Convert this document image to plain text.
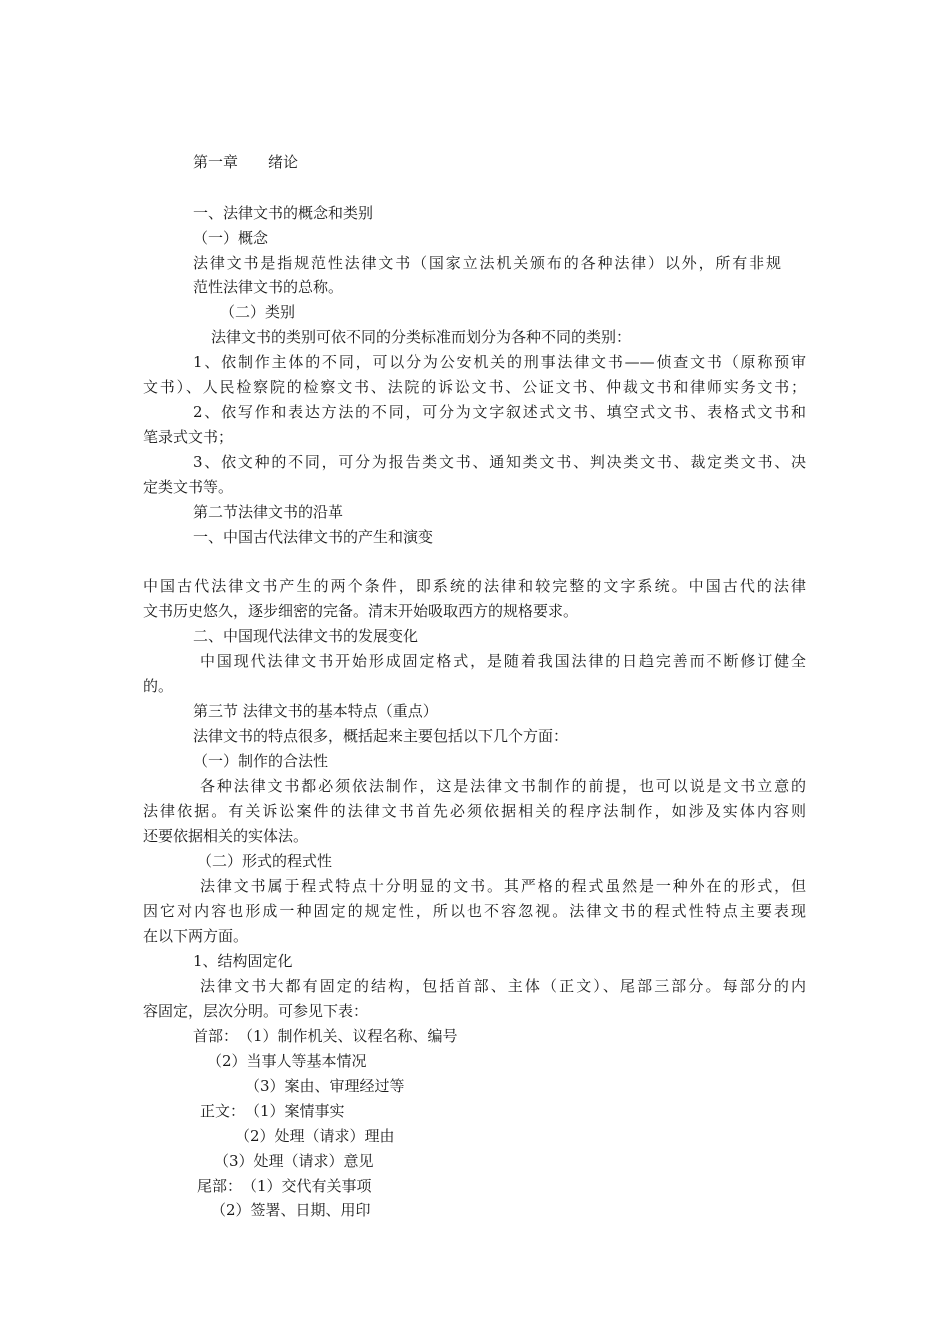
第一章　　绪论

一、法律文书的概念和类别

（一）概念

法律文书是指规范性法律文书（国家立法机关颁布的各种法律）以外，所有非规

范性法律文书的总称。

（二）类别

法律文书的类别可依不同的分类标准而划分为各种不同的类别：

1、依制作主体的不同，可以分为公安机关的刑事法律文书——侦查文书（原称预审

文书）、人民检察院的检察文书、法院的诉讼文书、公证文书、仲裁文书和律师实务文书；

2、依写作和表达方法的不同，可分为文字叙述式文书、填空式文书、表格式文书和

笔录式文书；

3、依文种的不同，可分为报告类文书、通知类文书、判决类文书、裁定类文书、决

定类文书等。

第二节法律文书的沿革

一、中国古代法律文书的产生和演变

中国古代法律文书产生的两个条件，即系统的法律和较完整的文字系统。中国古代的法律

文书历史悠久，逐步细密的完备。清末开始吸取西方的规格要求。

二、中国现代法律文书的发展变化

中国现代法律文书开始形成固定格式，是随着我国法律的日趋完善而不断修订健全

的。

第三节 法律文书的基本特点（重点）

法律文书的特点很多，概括起来主要包括以下几个方面：

（一）制作的合法性

各种法律文书都必须依法制作，这是法律文书制作的前提，也可以说是文书立意的

法律依据。有关诉讼案件的法律文书首先必须依据相关的程序法制作，如涉及实体内容则

还要依据相关的实体法。

（二）形式的程式性

法律文书属于程式特点十分明显的文书。其严格的程式虽然是一种外在的形式，但

因它对内容也形成一种固定的规定性，所以也不容忽视。法律文书的程式性特点主要表现

在以下两方面。

1、结构固定化

法律文书大都有固定的结构，包括首部、主体（正文）、尾部三部分。每部分的内

容固定，层次分明。可参见下表：

首部：　（1）制作机关、议程名称、编号

（2）当事人等基本情况

（3）案由、审理经过等

正文：　（1）案情事实

（2）处理（请求）理由

（3）处理（请求）意见

尾部：　（1）交代有关事项

（2）签署、日期、用印
